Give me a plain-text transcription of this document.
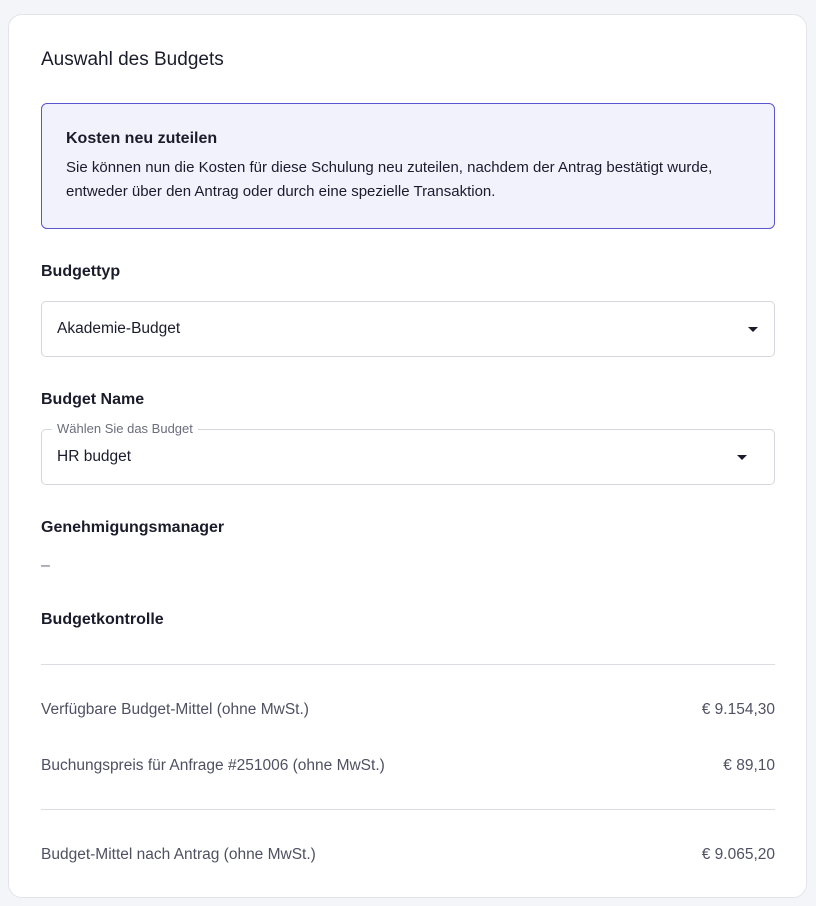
Auswahl des Budgets
Kosten neu zuteilen
Sie können nun die Kosten für diese Schulung neu zuteilen, nachdem der Antrag bestätigt wurde, entweder über den Antrag oder durch eine spezielle Transaktion.
Budgettyp
Akademie-Budget
Budget Name
Wählen Sie das Budget
HR budget
Genehmigungsmanager
–
Budgetkontrolle
Verfügbare Budget-Mittel (ohne MwSt.)	€ 9.154,30
Buchungspreis für Anfrage #251006 (ohne MwSt.)	€ 89,10
Budget-Mittel nach Antrag (ohne MwSt.)	€ 9.065,20
